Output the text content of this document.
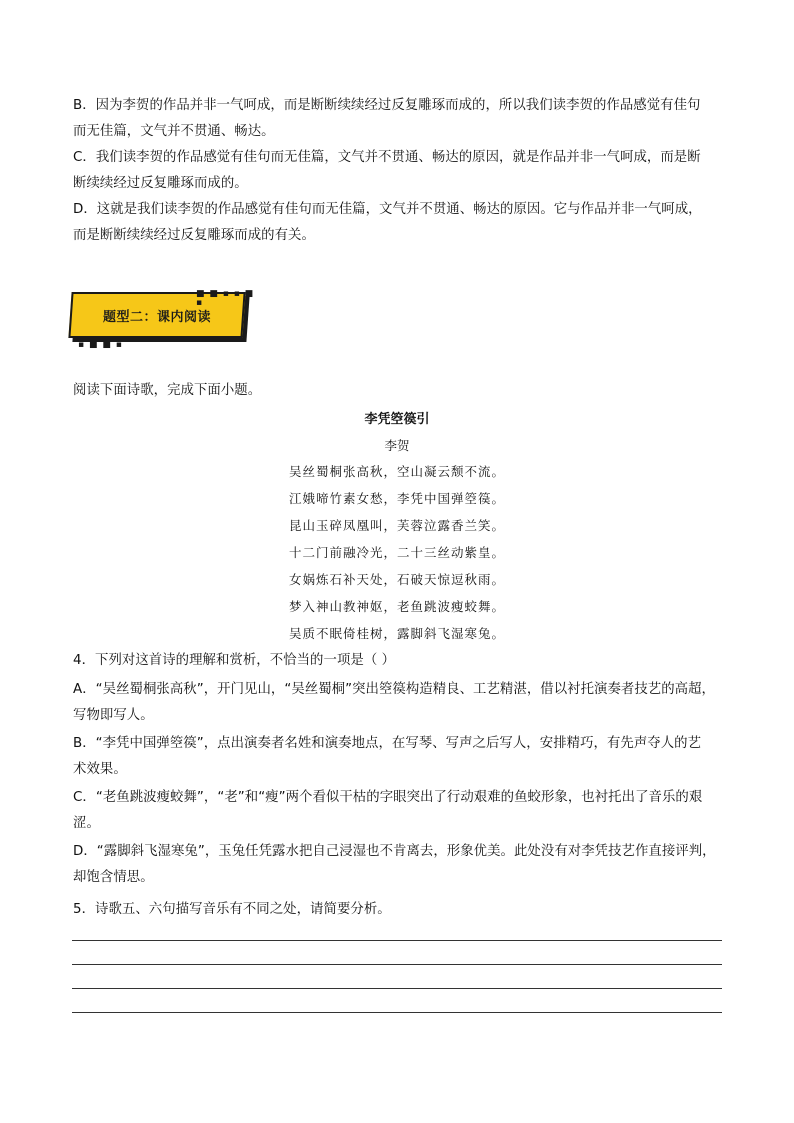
B．因为李贺的作品并非一气呵成，而是断断续续经过反复雕琢而成的，所以我们读李贺的作品感觉有佳句

而无佳篇，文气并不贯通、畅达。

C．我们读李贺的作品感觉有佳句而无佳篇，文气并不贯通、畅达的原因，就是作品并非一气呵成，而是断

断续续经过反复雕琢而成的。

D．这就是我们读李贺的作品感觉有佳句而无佳篇，文气并不贯通、畅达的原因。它与作品并非一气呵成，

而是断断续续经过反复雕琢而成的有关。

题型二：课内阅读
■ ■ ▪ ▪ ■ ▪
▪ ■ ■ ▪

阅读下面诗歌，完成下面小题。

李凭箜篌引
李贺
吴丝蜀桐张高秋，空山凝云颓不流。
江娥啼竹素女愁，李凭中国弹箜篌。
昆山玉碎凤凰叫，芙蓉泣露香兰笑。
十二门前融冷光，二十三丝动紫皇。
女娲炼石补天处，石破天惊逗秋雨。
梦入神山教神妪，老鱼跳波瘦蛟舞。
吴质不眠倚桂树，露脚斜飞湿寒兔。

4．下列对这首诗的理解和赏析，不恰当的一项是（ ）

A．“吴丝蜀桐张高秋”，开门见山，“吴丝蜀桐”突出箜篌构造精良、工艺精湛，借以衬托演奏者技艺的高超，

写物即写人。

B．“李凭中国弹箜篌”，点出演奏者名姓和演奏地点，在写琴、写声之后写人，安排精巧，有先声夺人的艺

术效果。

C．“老鱼跳波瘦蛟舞”，“老”和“瘦”两个看似干枯的字眼突出了行动艰难的鱼蛟形象，也衬托出了音乐的艰

涩。

D．“露脚斜飞湿寒兔”，玉兔任凭露水把自己浸湿也不肯离去，形象优美。此处没有对李凭技艺作直接评判，

却饱含情思。

5．诗歌五、六句描写音乐有不同之处，请简要分析。
